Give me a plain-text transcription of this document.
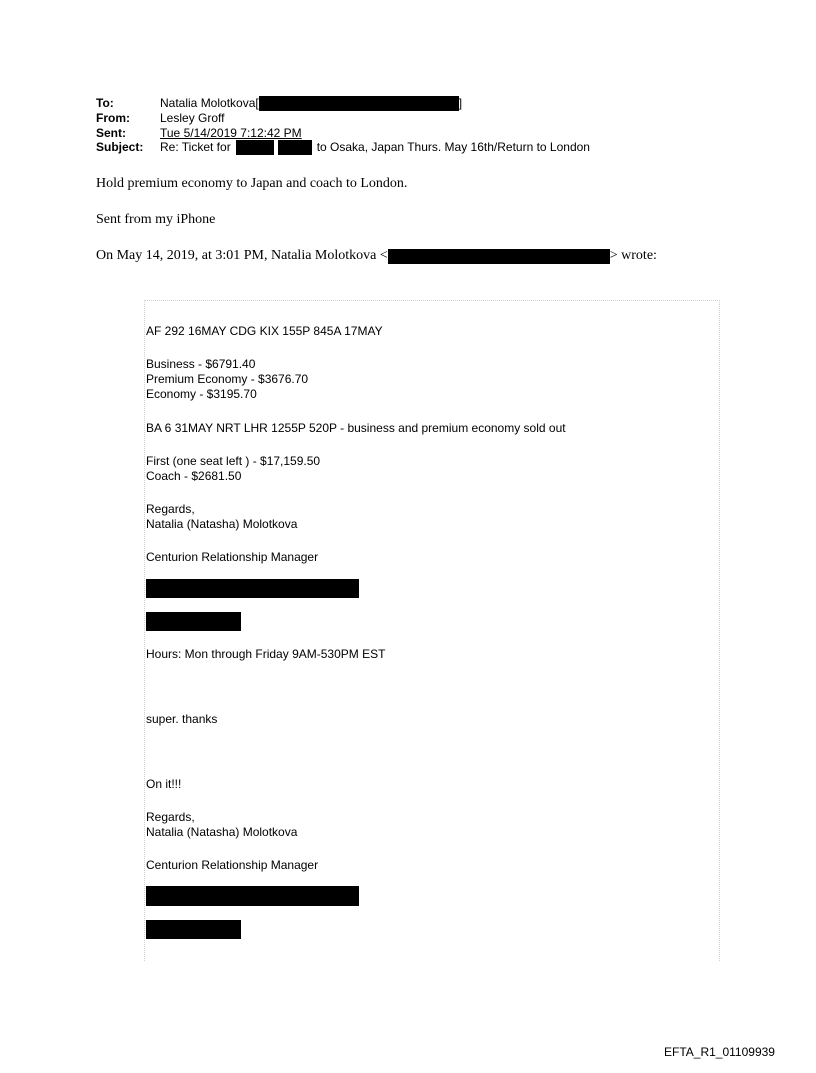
To:	Natalia Molotkova[	]
From:	Lesley Groff
Sent:	Tue 5/14/2019 7:12:42 PM
Subject:	Re: Ticket for	to Osaka, Japan Thurs. May 16th/Return to London

Hold premium economy to Japan and coach to London.

Sent from my iPhone

On May 14, 2019, at 3:01 PM, Natalia Molotkova <	> wrote:

AF 292 16MAY CDG KIX 155P 845A 17MAY
Business - $6791.40
Premium Economy - $3676.70
Economy - $3195.70
BA 6 31MAY NRT LHR 1255P 520P - business and premium economy sold out
First (one seat left ) - $17,159.50
Coach - $2681.50
Regards,
Natalia (Natasha) Molotkova
Centurion Relationship Manager
Hours: Mon through Friday 9AM-530PM EST
super. thanks
On it!!!
Regards,
Natalia (Natasha) Molotkova
Centurion Relationship Manager
EFTA_R1_01109939
